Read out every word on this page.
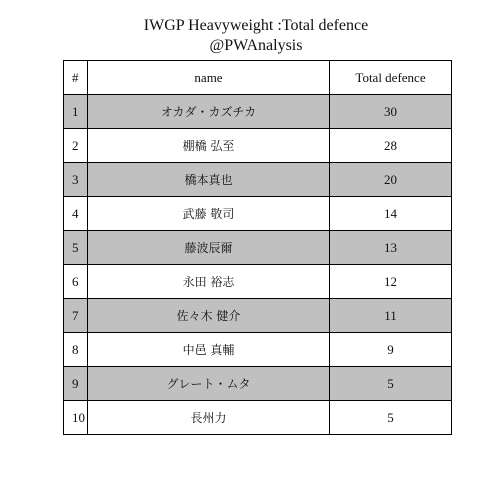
IWGP Heavyweight :Total defence
@PWAnalysis
#	name	Total defence
1	オカダ・カズチカ	30
2	棚橋 弘至	28
3	橋本真也	20
4	武藤 敬司	14
5	藤波辰爾	13
6	永田 裕志	12
7	佐々木 健介	11
8	中邑 真輔	9
9	グレート・ムタ	5
10	長州力	5
